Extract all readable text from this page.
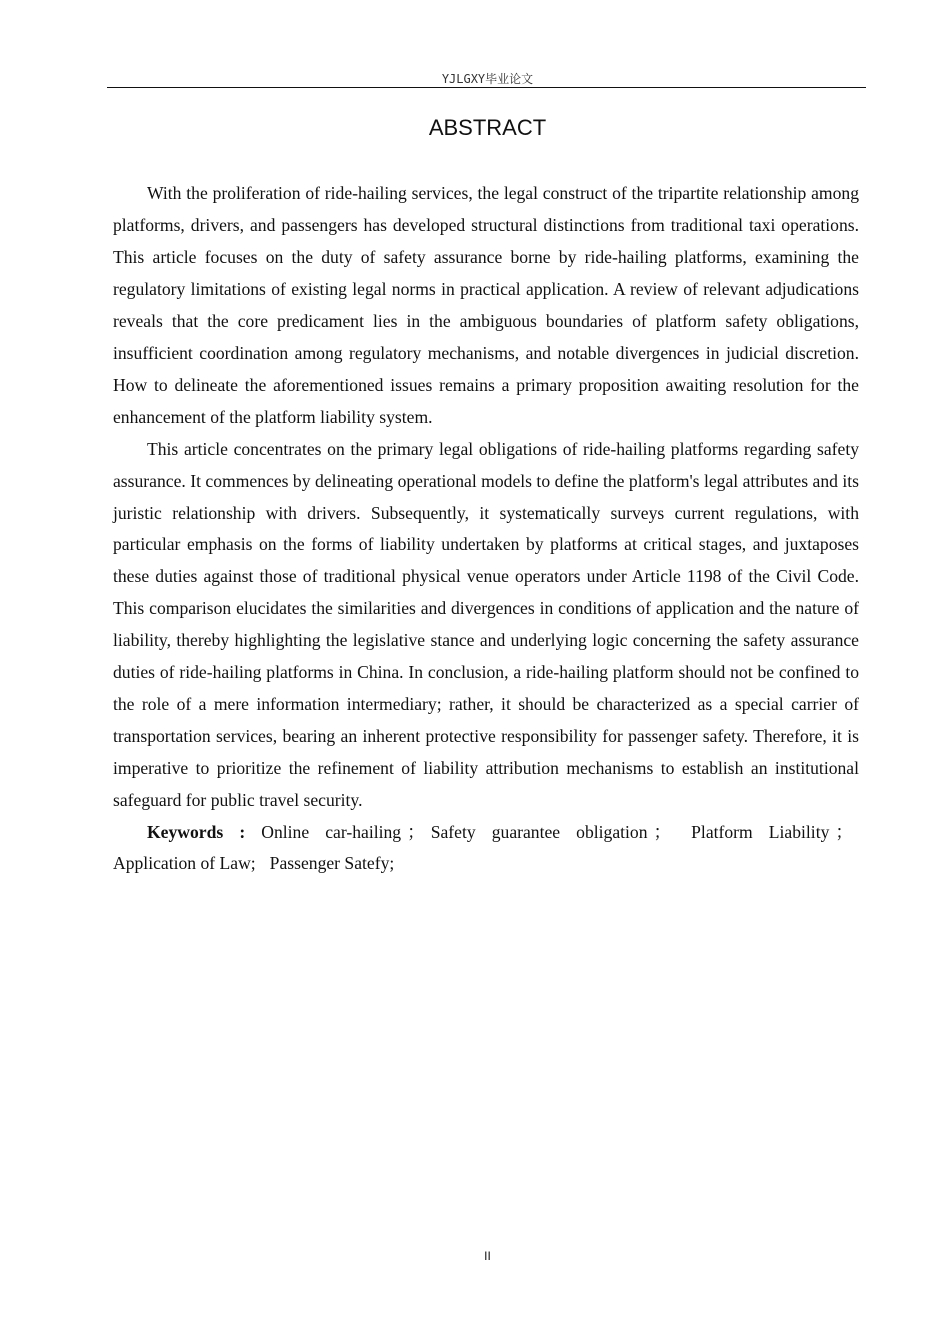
YJLGXY毕业论文
ABSTRACT

With the proliferation of ride-hailing services, the legal construct of the tripartite relationship among platforms, drivers, and passengers has developed structural distinctions from traditional taxi operations. This article focuses on the duty of safety assurance borne by ride-hailing platforms, examining the regulatory limitations of existing legal norms in practical application. A review of relevant adjudications reveals that the core predicament lies in the ambiguous boundaries of platform safety obligations, insufficient coordination among regulatory mechanisms, and notable divergences in judicial discretion. How to delineate the aforementioned issues remains a primary proposition awaiting resolution for the enhancement of the platform liability system.

This article concentrates on the primary legal obligations of ride-hailing platforms regarding safety assurance. It commences by delineating operational models to define the platform's legal attributes and its juristic relationship with drivers. Subsequently, it systematically surveys current regulations, with particular emphasis on the forms of liability undertaken by platforms at critical stages, and juxtaposes these duties against those of traditional physical venue operators under Article 1198 of the Civil Code. This comparison elucidates the similarities and divergences in conditions of application and the nature of liability, thereby highlighting the legislative stance and underlying logic concerning the safety assurance duties of ride-hailing platforms in China. In conclusion, a ride-hailing platform should not be confined to the role of a mere information intermediary; rather, it should be characterized as a special carrier of transportation services, bearing an inherent protective responsibility for passenger safety. Therefore, it is imperative to prioritize the refinement of liability attribution mechanisms to establish an institutional safeguard for public travel security.

Keywords : Online car-hailing ； Safety guarantee obligation ； Platform Liability ； Application of Law; Passenger Satefy;

II
